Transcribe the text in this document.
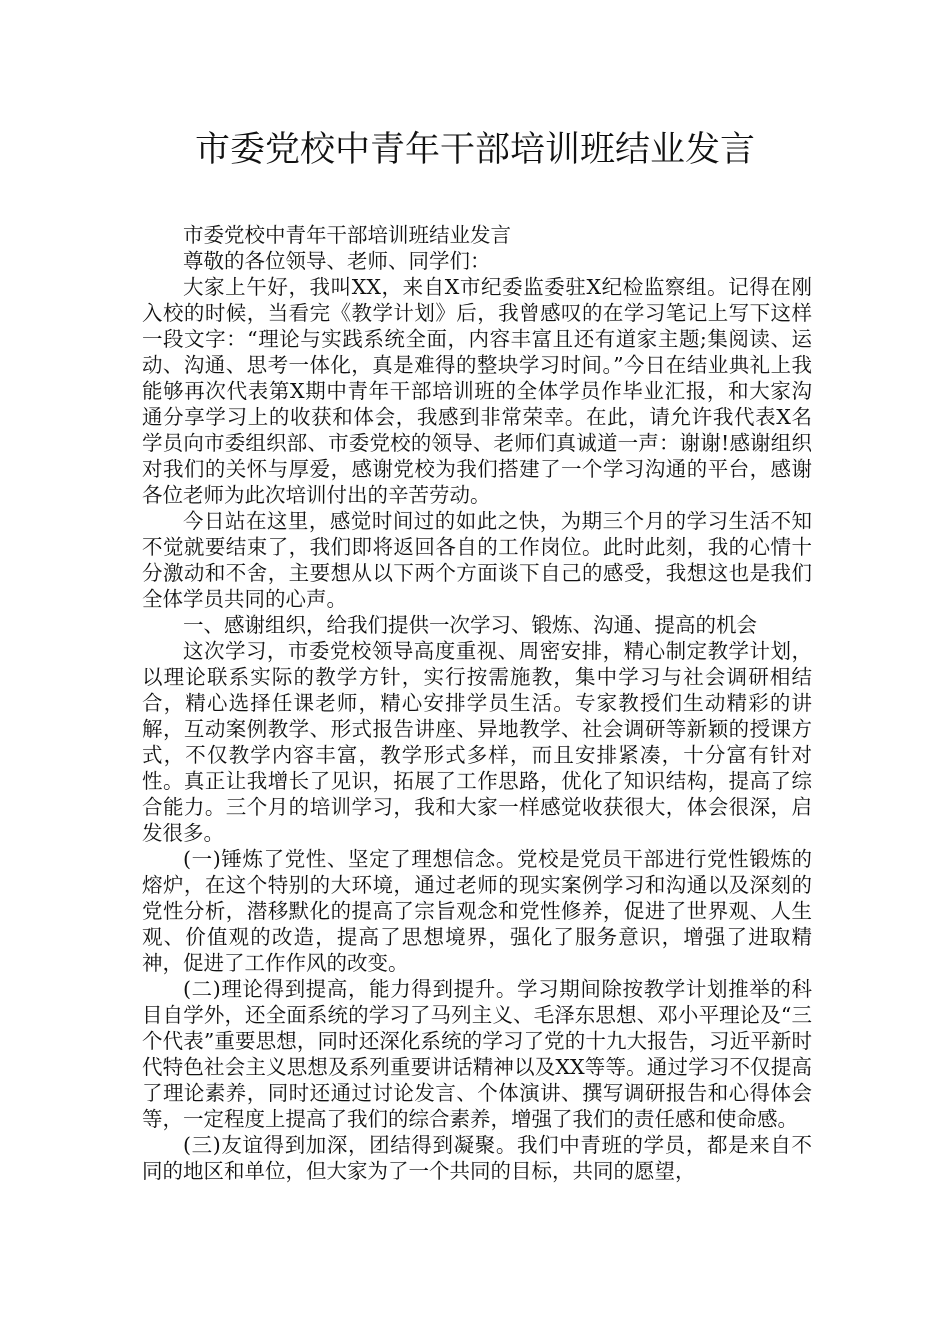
市委党校中青年干部培训班结业发言

市委党校中青年干部培训班结业发言

尊敬的各位领导、老师、同学们：

大家上午好，我叫XX，来自X市纪委监委驻X纪检监察组。记得在刚入校的时候，当看完《教学计划》后，我曾感叹的在学习笔记上写下这样一段文字：“理论与实践系统全面，内容丰富且还有道家主题;集阅读、运动、沟通、思考一体化，真是难得的整块学习时间。”今日在结业典礼上我能够再次代表第X期中青年干部培训班的全体学员作毕业汇报，和大家沟通分享学习上的收获和体会，我感到非常荣幸。在此，请允许我代表X名学员向市委组织部、市委党校的领导、老师们真诚道一声：谢谢!感谢组织对我们的关怀与厚爱，感谢党校为我们搭建了一个学习沟通的平台，感谢各位老师为此次培训付出的辛苦劳动。

今日站在这里，感觉时间过的如此之快，为期三个月的学习生活不知不觉就要结束了，我们即将返回各自的工作岗位。此时此刻，我的心情十分激动和不舍，主要想从以下两个方面谈下自己的感受，我想这也是我们全体学员共同的心声。

一、感谢组织，给我们提供一次学习、锻炼、沟通、提高的机会

这次学习，市委党校领导高度重视、周密安排，精心制定教学计划，以理论联系实际的教学方针，实行按需施教，集中学习与社会调研相结合，精心选择任课老师，精心安排学员生活。专家教授们生动精彩的讲解，互动案例教学、形式报告讲座、异地教学、社会调研等新颖的授课方式，不仅教学内容丰富，教学形式多样，而且安排紧凑，十分富有针对性。真正让我增长了见识，拓展了工作思路，优化了知识结构，提高了综合能力。三个月的培训学习，我和大家一样感觉收获很大，体会很深，启发很多。

(一)锤炼了党性、坚定了理想信念。党校是党员干部进行党性锻炼的熔炉，在这个特别的大环境，通过老师的现实案例学习和沟通以及深刻的党性分析，潜移默化的提高了宗旨观念和党性修养，促进了世界观、人生观、价值观的改造，提高了思想境界，强化了服务意识，增强了进取精神，促进了工作作风的改变。

(二)理论得到提高，能力得到提升。学习期间除按教学计划推举的科目自学外，还全面系统的学习了马列主义、毛泽东思想、邓小平理论及“三个代表”重要思想，同时还深化系统的学习了党的十九大报告，习近平新时代特色社会主义思想及系列重要讲话精神以及XX等等。通过学习不仅提高了理论素养，同时还通过讨论发言、个体演讲、撰写调研报告和心得体会等，一定程度上提高了我们的综合素养，增强了我们的责任感和使命感。

(三)友谊得到加深，团结得到凝聚。我们中青班的学员，都是来自不同的地区和单位，但大家为了一个共同的目标，共同的愿望，
